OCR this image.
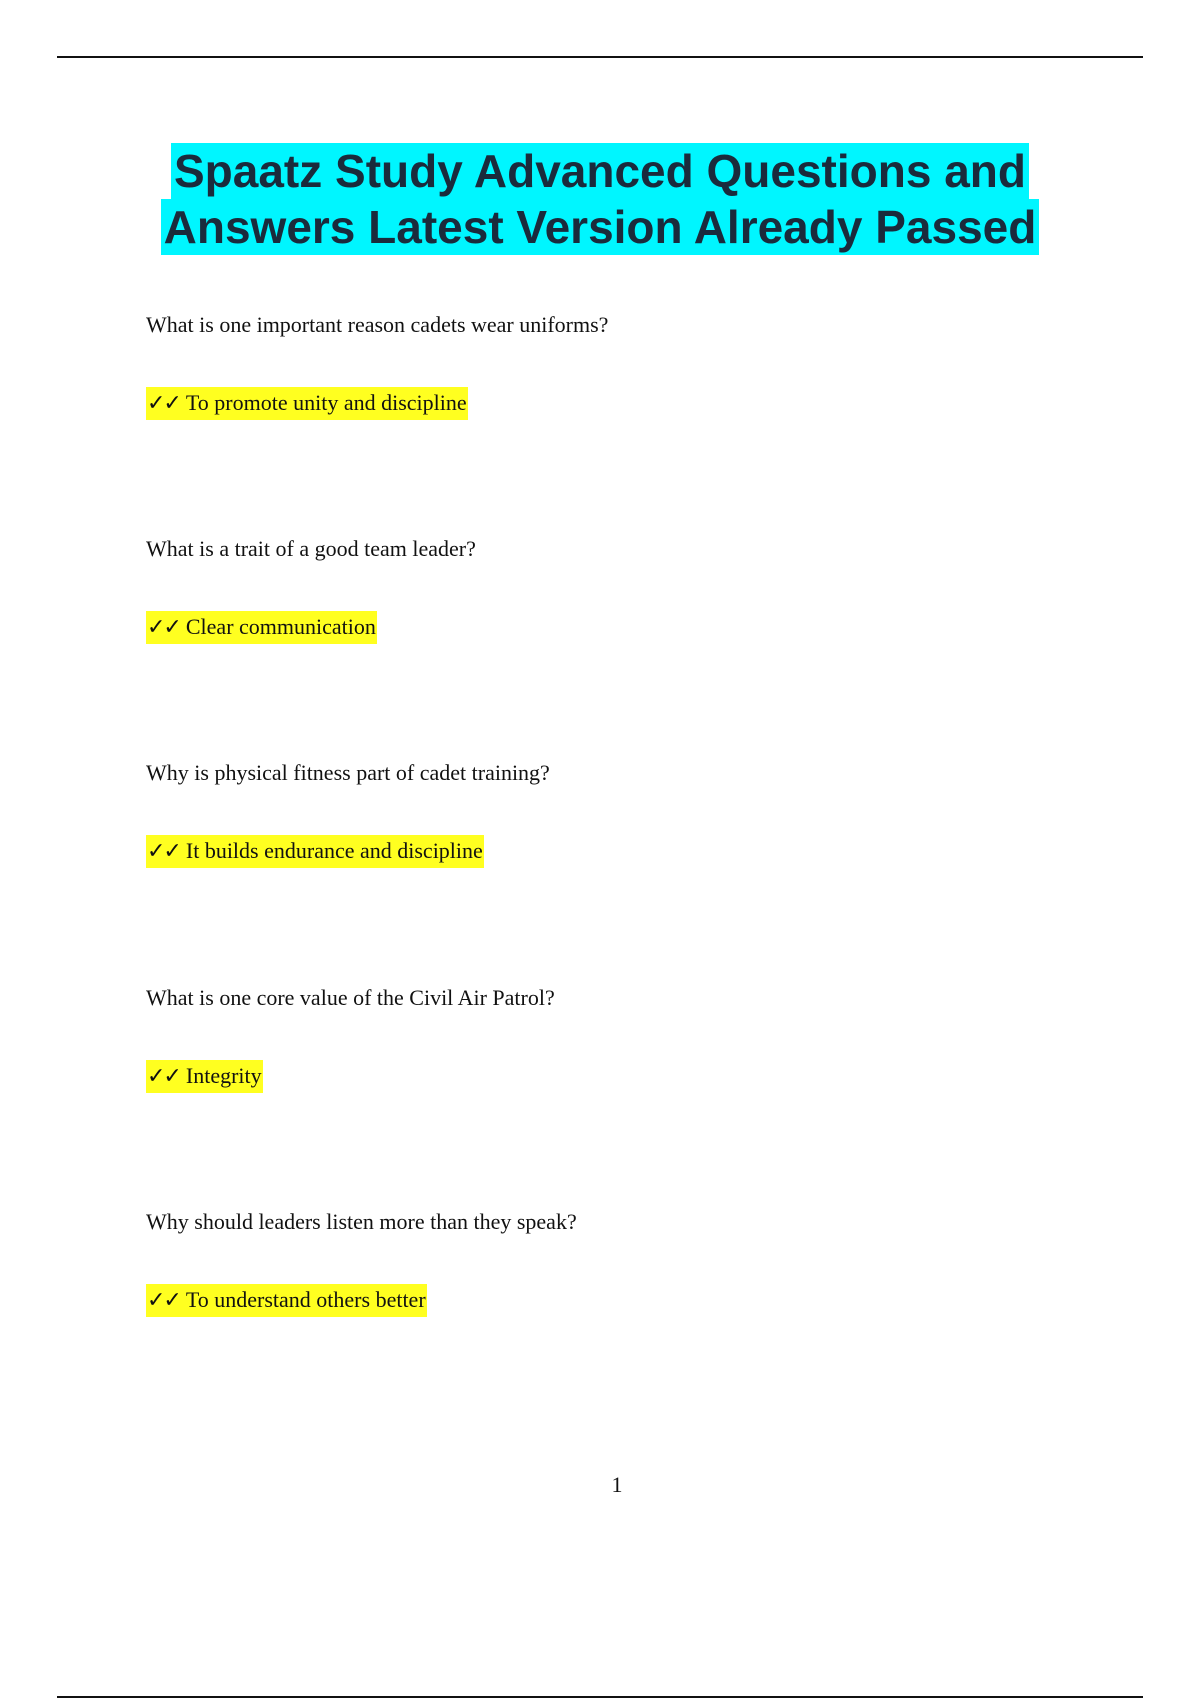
Spaatz Study Advanced Questions and
Answers Latest Version Already Passed
What is one important reason cadets wear uniforms?
✓✓ To promote unity and discipline
What is a trait of a good team leader?
✓✓ Clear communication
Why is physical fitness part of cadet training?
✓✓ It builds endurance and discipline
What is one core value of the Civil Air Patrol?
✓✓ Integrity
Why should leaders listen more than they speak?
✓✓ To understand others better
1
